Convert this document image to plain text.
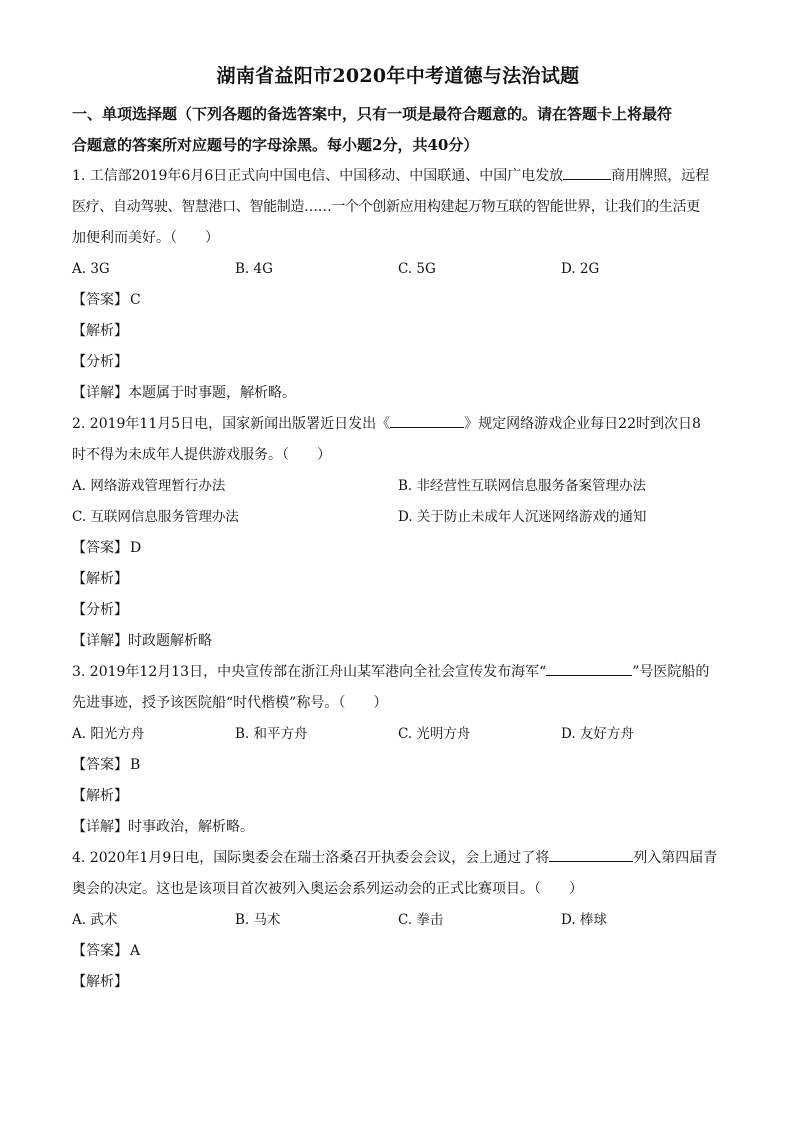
湖南省益阳市2020年中考道德与法治试题

一、单项选择题（下列各题的备选答案中，只有一项是最符合题意的。请在答题卡上将最符

合题意的答案所对应题号的字母涂黑。每小题2分，共40分）

1. 工信部2019年6月6日正式向中国电信、中国移动、中国联通、中国广电发放	商用牌照，远程

医疗、自动驾驶、智慧港口、智能制造……一个个创新应用构建起万物互联的智能世界，让我们的生活更

加便利而美好。（　　）

A. 3G	B. 4G	C. 5G	D. 2G

【答案】 C

【解析】

【分析】

【详解】本题属于时事题，解析略。

2. 2019年11月5日电，国家新闻出版署近日发出《	》规定网络游戏企业每日22时到次日8

时不得为未成年人提供游戏服务。（　　）

A. 网络游戏管理暂行办法	B. 非经营性互联网信息服务备案管理办法
C. 互联网信息服务管理办法	D. 关于防止未成年人沉迷网络游戏的通知

【答案】 D

【解析】

【分析】

【详解】时政题解析略

3. 2019年12月13日，中央宣传部在浙江舟山某军港向全社会宣传发布海军“	”号医院船的

先进事迹，授予该医院船“时代楷模”称号。（　　）

A. 阳光方舟	B. 和平方舟	C. 光明方舟	D. 友好方舟

【答案】 B

【解析】

【详解】时事政治，解析略。

4. 2020年1月9日电，国际奥委会在瑞士洛桑召开执委会会议，会上通过了将	列入第四届青

奥会的决定。这也是该项目首次被列入奥运会系列运动会的正式比赛项目。（　　）

A. 武术	B. 马术	C. 拳击	D. 棒球

【答案】 A

【解析】
